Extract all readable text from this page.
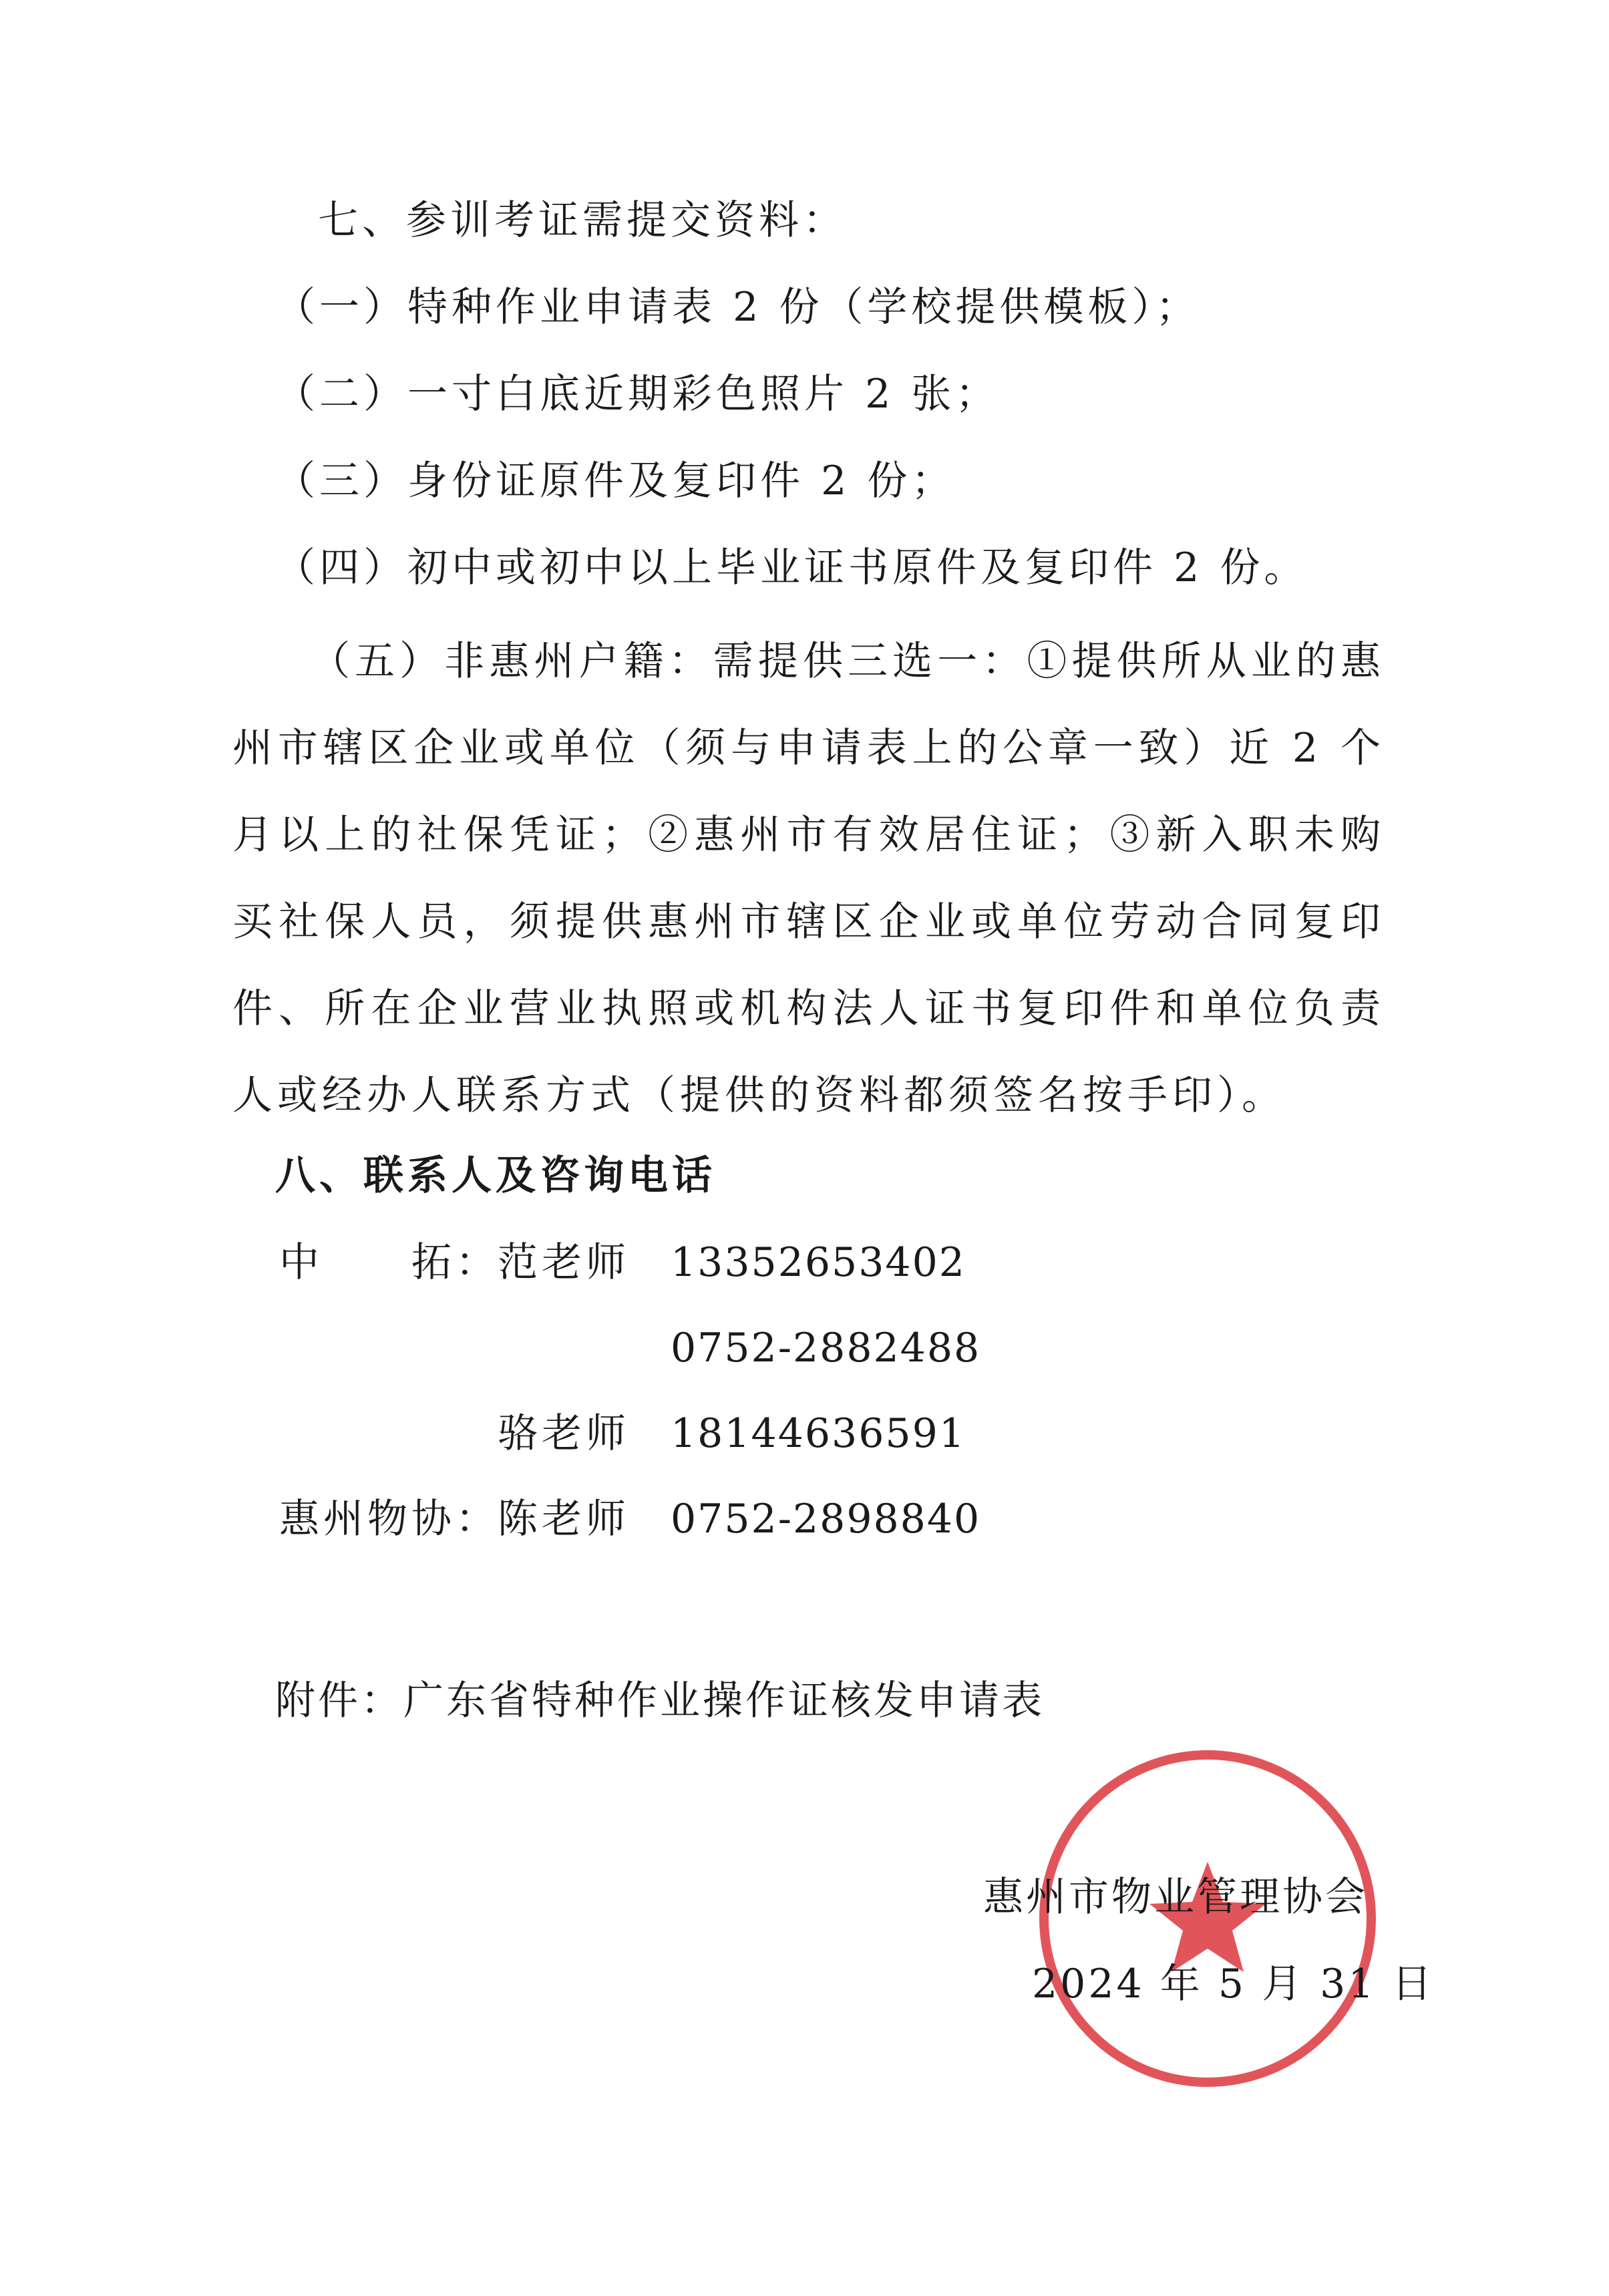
七、参训考证需提交资料：
（一）特种作业申请表 2 份（学校提供模板）；
（二）一寸白底近期彩色照片 2 张；
（三）身份证原件及复印件 2 份；
（四）初中或初中以上毕业证书原件及复印件 2 份。
（五）非惠州户籍：需提供三选一：①提供所从业的惠州市辖区企业或单位（须与申请表上的公章一致）近 2 个月以上的社保凭证；②惠州市有效居住证；③新入职未购买社保人员，须提供惠州市辖区企业或单位劳动合同复印件、所在企业营业执照或机构法人证书复印件和单位负责人或经办人联系方式（提供的资料都须签名按手印）。
八、联系人及咨询电话
中　　拓：
范老师 13352653402
0752-2882488
骆老师 18144636591
惠州物协：
陈老师 0752-2898840
附件：广东省特种作业操作证核发申请表
惠州市物业管理协会
2024 年 5 月 31 日
